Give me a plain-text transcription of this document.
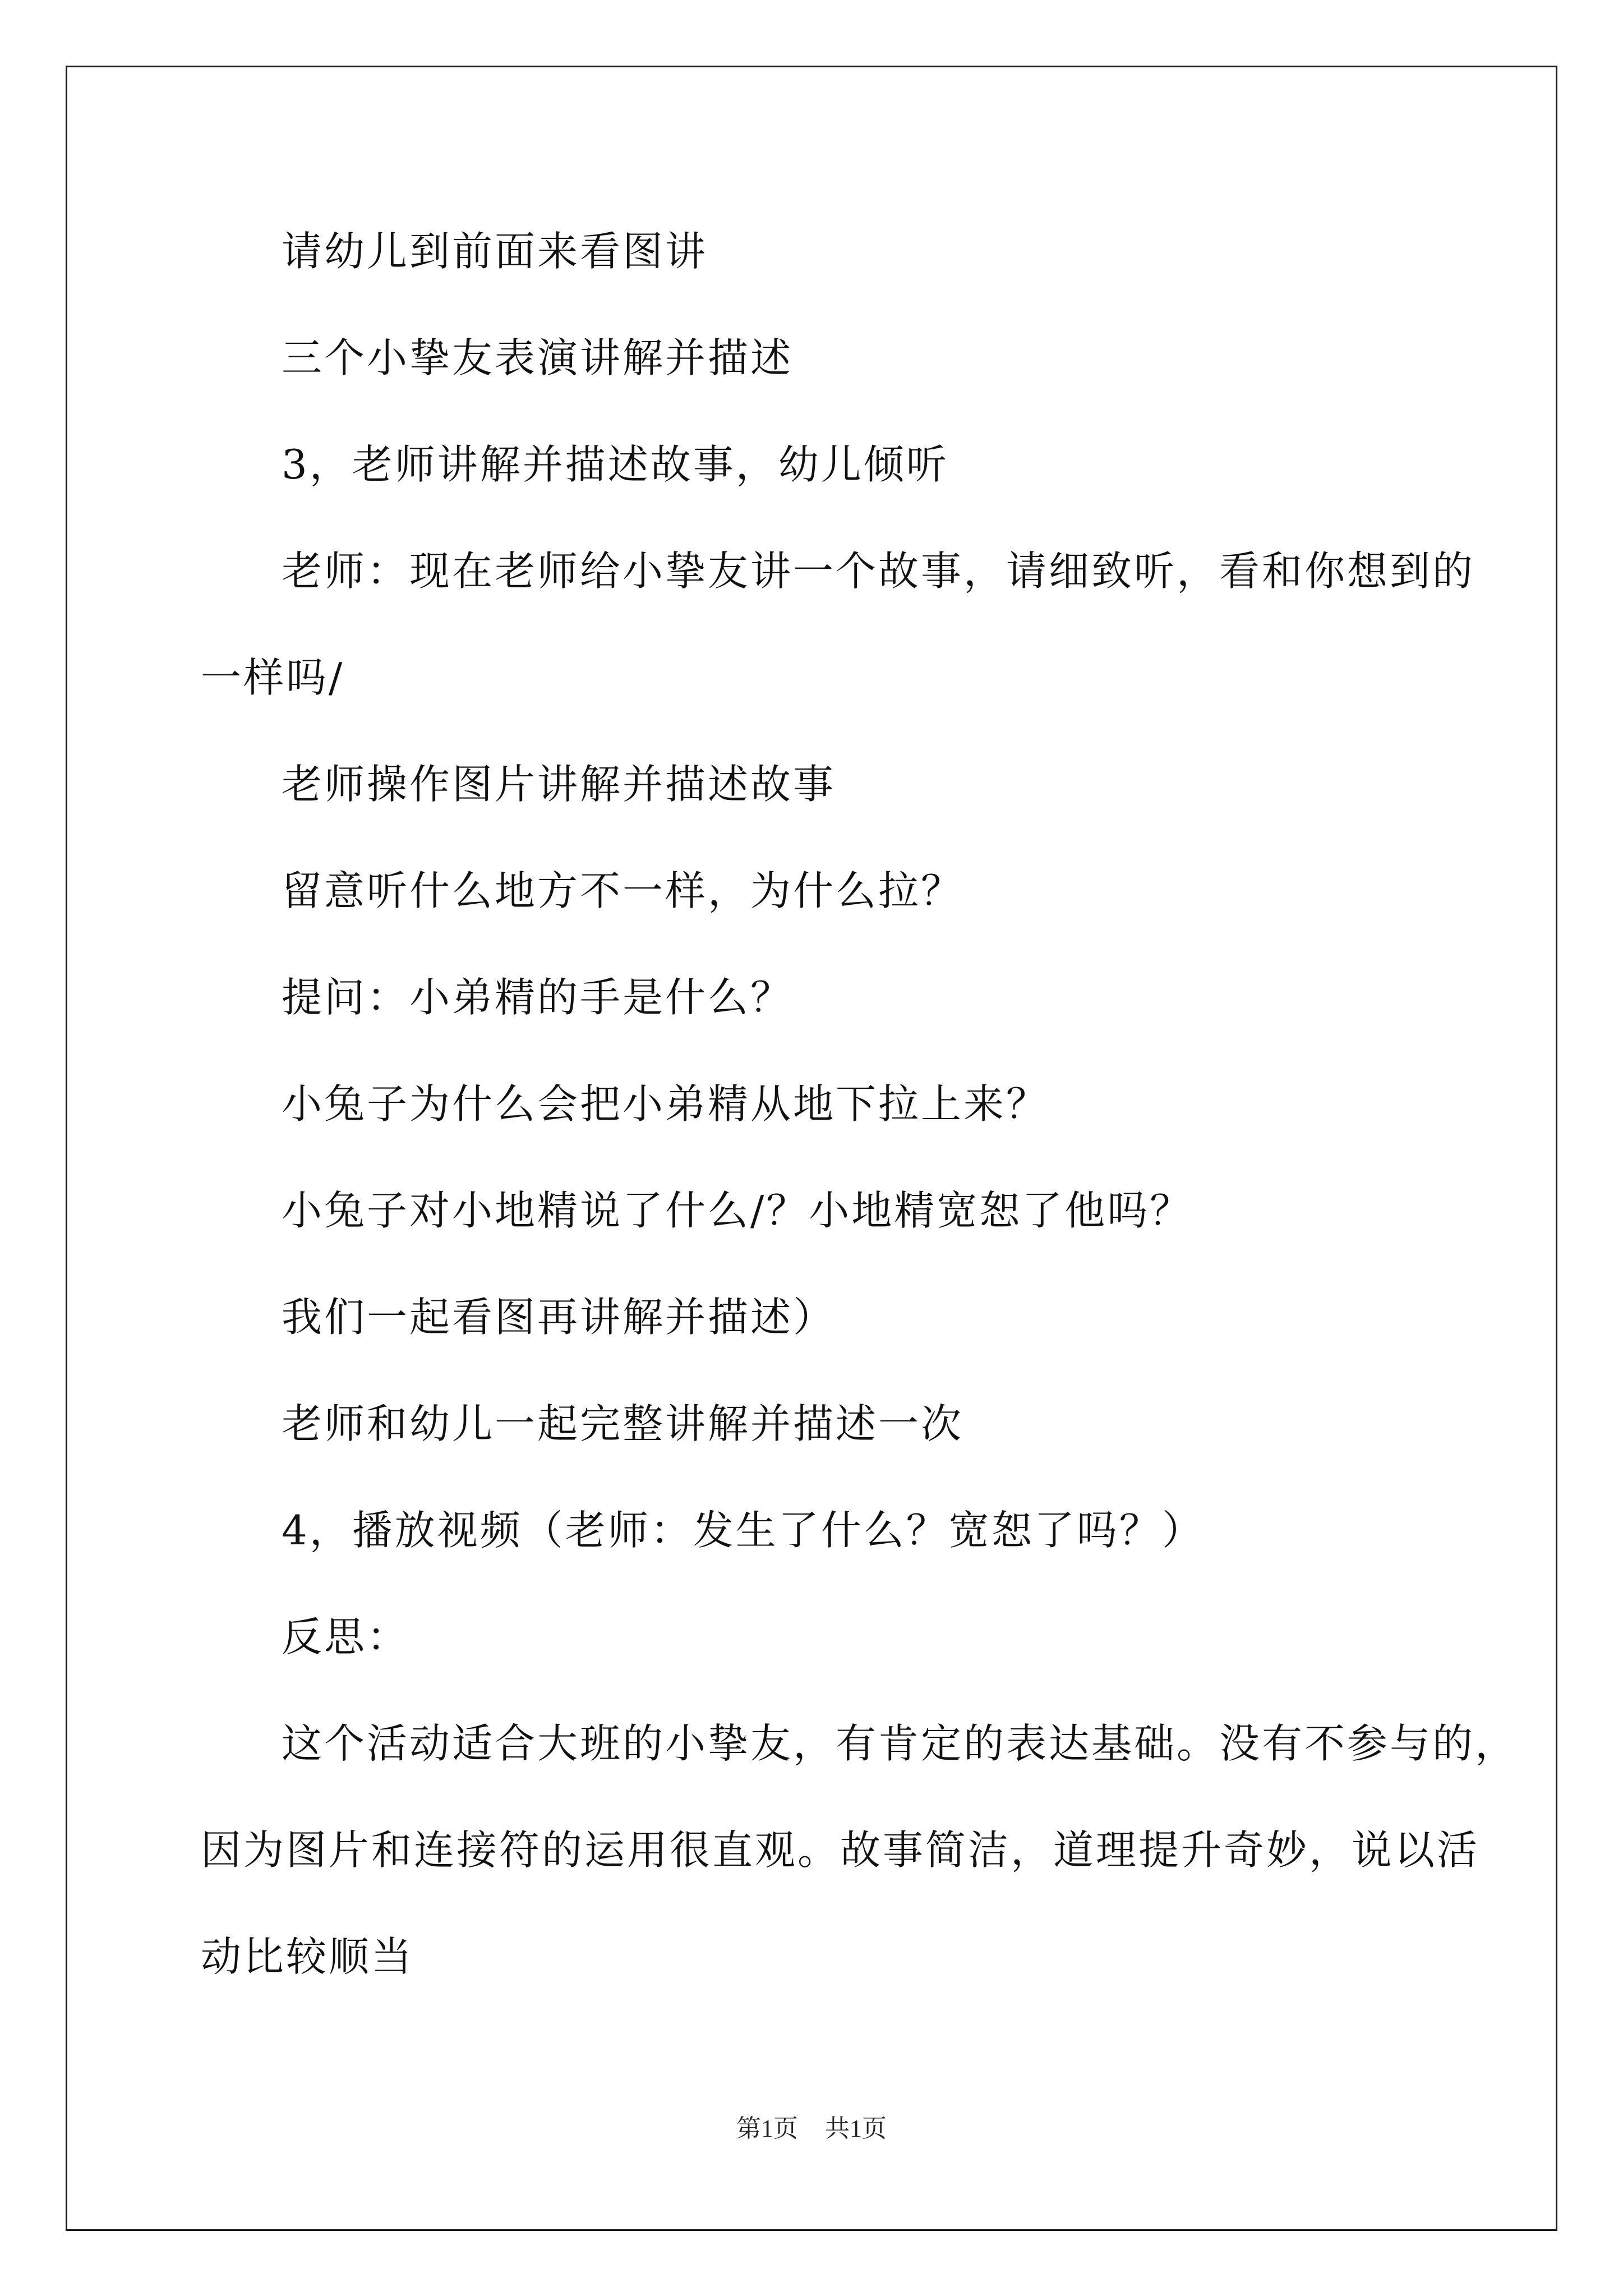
请幼儿到前面来看图讲
三个小挚友表演讲解并描述
3，老师讲解并描述故事，幼儿倾听
老师：现在老师给小挚友讲一个故事，请细致听，看和你想到的
一样吗/
老师操作图片讲解并描述故事
留意听什么地方不一样，为什么拉？
提问：小弟精的手是什么？
小兔子为什么会把小弟精从地下拉上来？
小兔子对小地精说了什么/？小地精宽恕了他吗？
我们一起看图再讲解并描述）
老师和幼儿一起完整讲解并描述一次
4，播放视频（老师：发生了什么？宽恕了吗？）
反思：
这个活动适合大班的小挚友，有肯定的表达基础。没有不参与的，
因为图片和连接符的运用很直观。故事简洁，道理提升奇妙，说以活
动比较顺当
第1页 共1页
